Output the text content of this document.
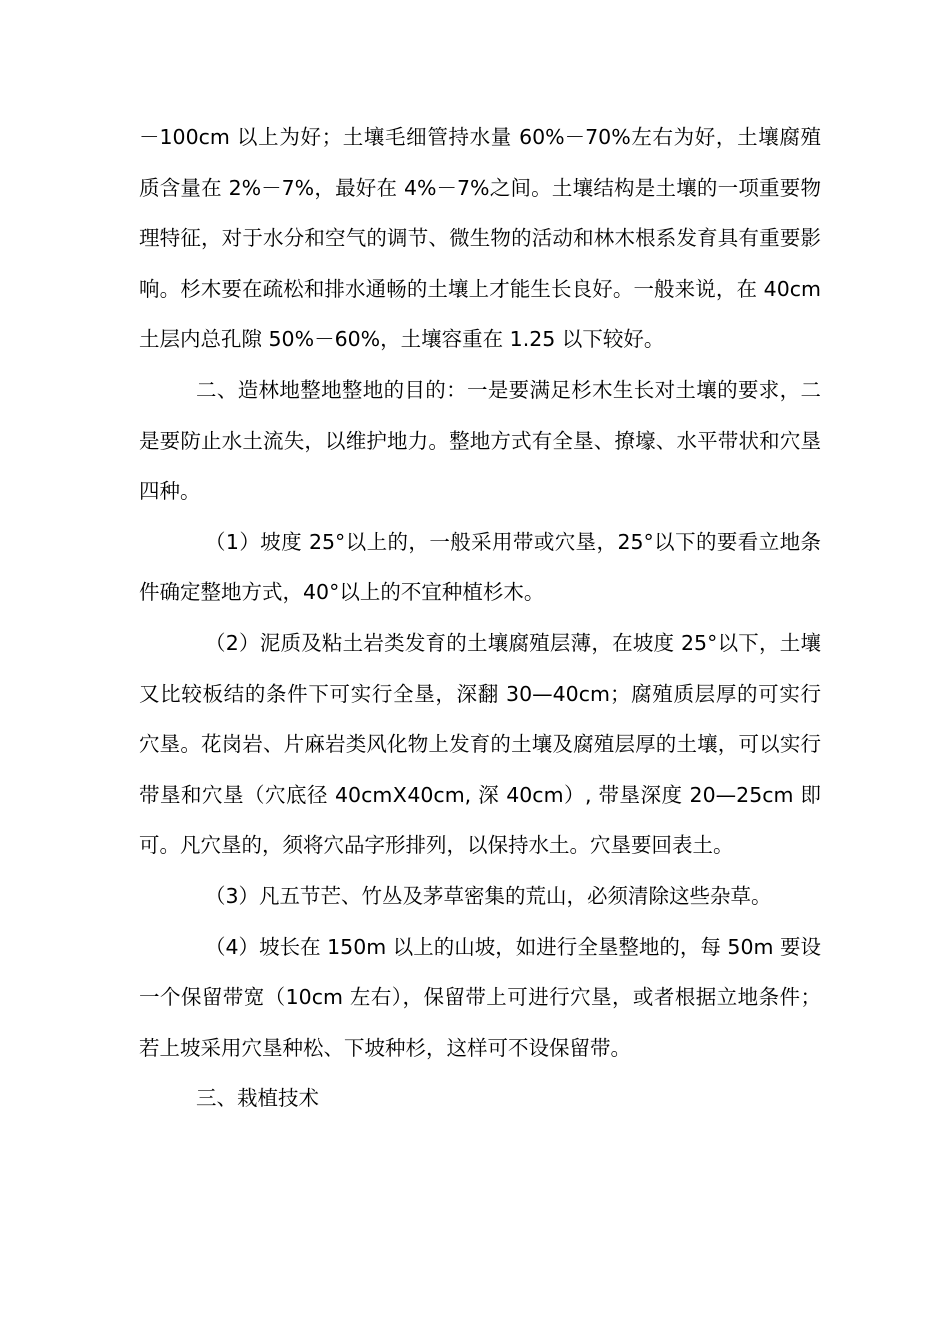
－100cm 以上为好；土壤毛细管持水量 60%－70%左右为好，土壤腐殖质含量在 2%－7%，最好在 4%－7%之间。土壤结构是土壤的一项重要物理特征，对于水分和空气的调节、微生物的活动和林木根系发育具有重要影响。杉木要在疏松和排水通畅的土壤上才能生长良好。一般来说，在 40cm 土层内总孔隙 50%－60%，土壤容重在 1.25 以下较好。

二、造林地整地整地的目的：一是要满足杉木生长对土壤的要求，二是要防止水土流失，以维护地力。整地方式有全垦、撩壕、水平带状和穴垦四种。

（1）坡度 25°以上的，一般采用带或穴垦，25°以下的要看立地条件确定整地方式，40°以上的不宜种植杉木。

（2）泥质及粘土岩类发育的土壤腐殖层薄，在坡度 25°以下，土壤又比较板结的条件下可实行全垦，深翻 30—40cm；腐殖质层厚的可实行穴垦。花岗岩、片麻岩类风化物上发育的土壤及腐殖层厚的土壤，可以实行带垦和穴垦（穴底径 40cmⅩ40cm, 深 40cm）, 带垦深度 20—25cm 即可。凡穴垦的，须将穴品字形排列，以保持水土。穴垦要回表土。

（3）凡五节芒、竹丛及茅草密集的荒山，必须清除这些杂草。

（4）坡长在 150m 以上的山坡，如进行全垦整地的，每 50m 要设一个保留带宽（10cm 左右），保留带上可进行穴垦，或者根据立地条件；若上坡采用穴垦种松、下坡种杉，这样可不设保留带。

三、栽植技术
